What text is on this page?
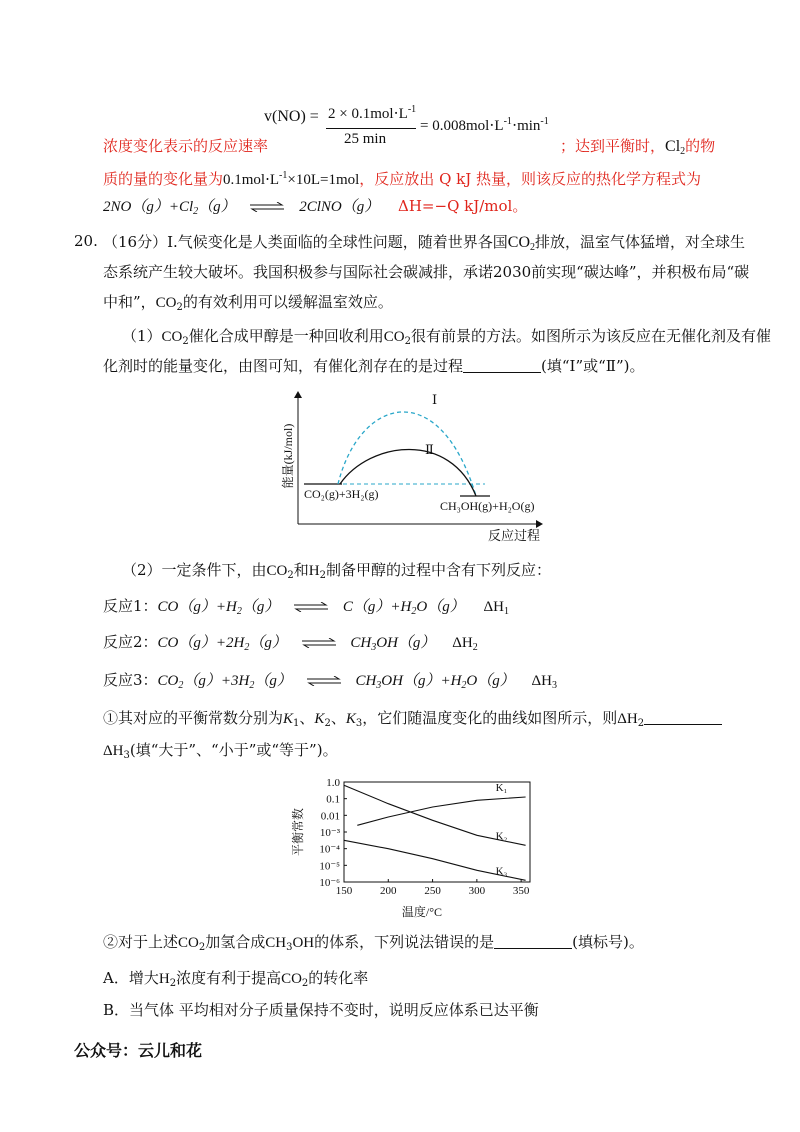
$v(NO) = 2 \times 0.1mol\cdot L^{-1}$
25 min
= $0.008mol\cdot L^{-1}\cdot\min^{-1}$
浓度变化表示的反应速率	；达到平衡时，$Cl_2$的物
质的量的变化量为$0.1mol\cdot L^{-1}\times 10L=1mol$，反应放出 Q kJ 热量，则该反应的热化学方程式为
$2NO(g)+Cl_2(g)$ ⇌ 2ClNO（g） ΔH=−Q kJ/mol。
20. （16分）Ⅰ.气候变化是人类面临的全球性问题，随着世界各国$CO_2$排放，温室气体猛增，对全球生
态系统产生较大破坏。我国积极参与国际社会碳减排，承诺2030前实现“碳达峰”，并积极布局“碳
中和”，$CO_2$的有效利用可以缓解温室效应。
$(1)CO_2$催化合成甲醇是一种回收利用$CO_2$很有前景的方法。如图所示为该反应在无催化剂及有催
化剂时的能量变化，由图可知，有催化剂存在的是过程	(填“Ⅰ”或“Ⅱ”)。
Ⅰ
Ⅱ
CO₂(g)+3H₂(g)
CH₃OH(g)+H₂O(g)
反应过程
能量(kJ/mol)
（2）一定条件下，由$CO_2$和$H_2$制备甲醇的过程中含有下列反应：
反应1：$CO(g)+H_2(g)$ ⇌ $C(g)+H_2O(g)$ $\Delta H_1$
反应2：$CO(g)+2H_2(g)$ ⇌ $CH_3OH(g)$ $\Delta H_2$
反应3：$CO_2(g)+3H_2(g)$ ⇌ $CH_3OH(g)+H_2O(g)$ $\Delta H_3$
①其对应的平衡常数分别为$K_1$、$K_2$、$K_3$，它们随温度变化的曲线如图所示，则$\Delta H_2$
$\Delta H_3$(填“大于”、“小于”或“等于”)。
150	200	250	300	350
1.0
0.1
0.01
10⁻³
10⁻⁴
10⁻⁵
10⁻⁶
K₁
K₂
K₃
平衡常数
温度/°C
②对于上述$CO_2$加氢合成$CH_3OH$的体系，下列说法错误的是	(填标号)。
A．增大$H_2$浓度有利于提高$CO_2$的转化率
B．当气体 平均相对分子质量保持不变时，说明反应体系已达平衡
公众号：云儿和花
